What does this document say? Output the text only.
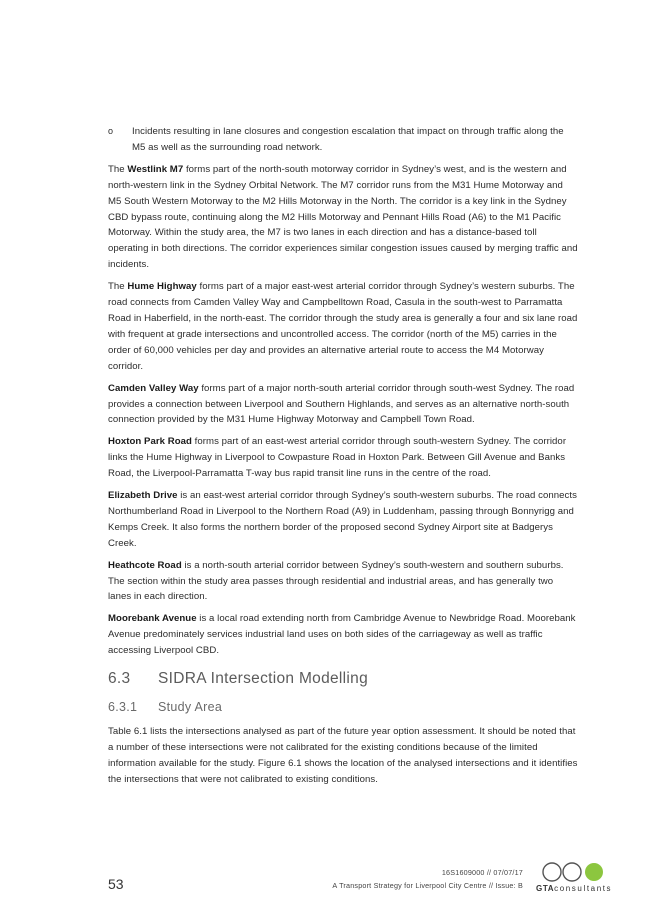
o Incidents resulting in lane closures and congestion escalation that impact on through traffic along the M5 as well as the surrounding road network.

The Westlink M7 forms part of the north-south motorway corridor in Sydney’s west, and is the western and north-western link in the Sydney Orbital Network. The M7 corridor runs from the M31 Hume Motorway and M5 South Western Motorway to the M2 Hills Motorway in the North. The corridor is a key link in the Sydney CBD bypass route, continuing along the M2 Hills Motorway and Pennant Hills Road (A6) to the M1 Pacific Motorway. Within the study area, the M7 is two lanes in each direction and has a distance-based toll operating in both directions. The corridor experiences similar congestion issues caused by merging traffic and incidents.

The Hume Highway forms part of a major east-west arterial corridor through Sydney’s western suburbs. The road connects from Camden Valley Way and Campbelltown Road, Casula in the south-west to Parramatta Road in Haberfield, in the north-east. The corridor through the study area is generally a four and six lane road with frequent at grade intersections and uncontrolled access. The corridor (north of the M5) carries in the order of 60,000 vehicles per day and provides an alternative arterial route to access the M4 Motorway corridor.

Camden Valley Way forms part of a major north-south arterial corridor through south-west Sydney. The road provides a connection between Liverpool and Southern Highlands, and serves as an alternative north-south connection provided by the M31 Hume Highway Motorway and Campbell Town Road.

Hoxton Park Road forms part of an east-west arterial corridor through south-western Sydney. The corridor links the Hume Highway in Liverpool to Cowpasture Road in Hoxton Park. Between Gill Avenue and Banks Road, the Liverpool-Parramatta T-way bus rapid transit line runs in the centre of the road.

Elizabeth Drive is an east-west arterial corridor through Sydney’s south-western suburbs. The road connects Northumberland Road in Liverpool to the Northern Road (A9) in Luddenham, passing through Bonnyrigg and Kemps Creek. It also forms the northern border of the proposed second Sydney Airport site at Badgerys Creek.

Heathcote Road is a north-south arterial corridor between Sydney’s south-western and southern suburbs. The section within the study area passes through residential and industrial areas, and has generally two lanes in each direction.

Moorebank Avenue is a local road extending north from Cambridge Avenue to Newbridge Road. Moorebank Avenue predominately services industrial land uses on both sides of the carriageway as well as traffic accessing Liverpool CBD.

6.3 SIDRA Intersection Modelling
6.3.1 Study Area

Table 6.1 lists the intersections analysed as part of the future year option assessment. It should be noted that a number of these intersections were not calibrated for the existing conditions because of the limited information available for the study. Figure 6.1 shows the location of the analysed intersections and it identifies the intersections that were not calibrated to existing conditions.

53
16S1609000 // 07/07/17
A Transport Strategy for Liverpool City Centre // Issue: B GTAconsultants
